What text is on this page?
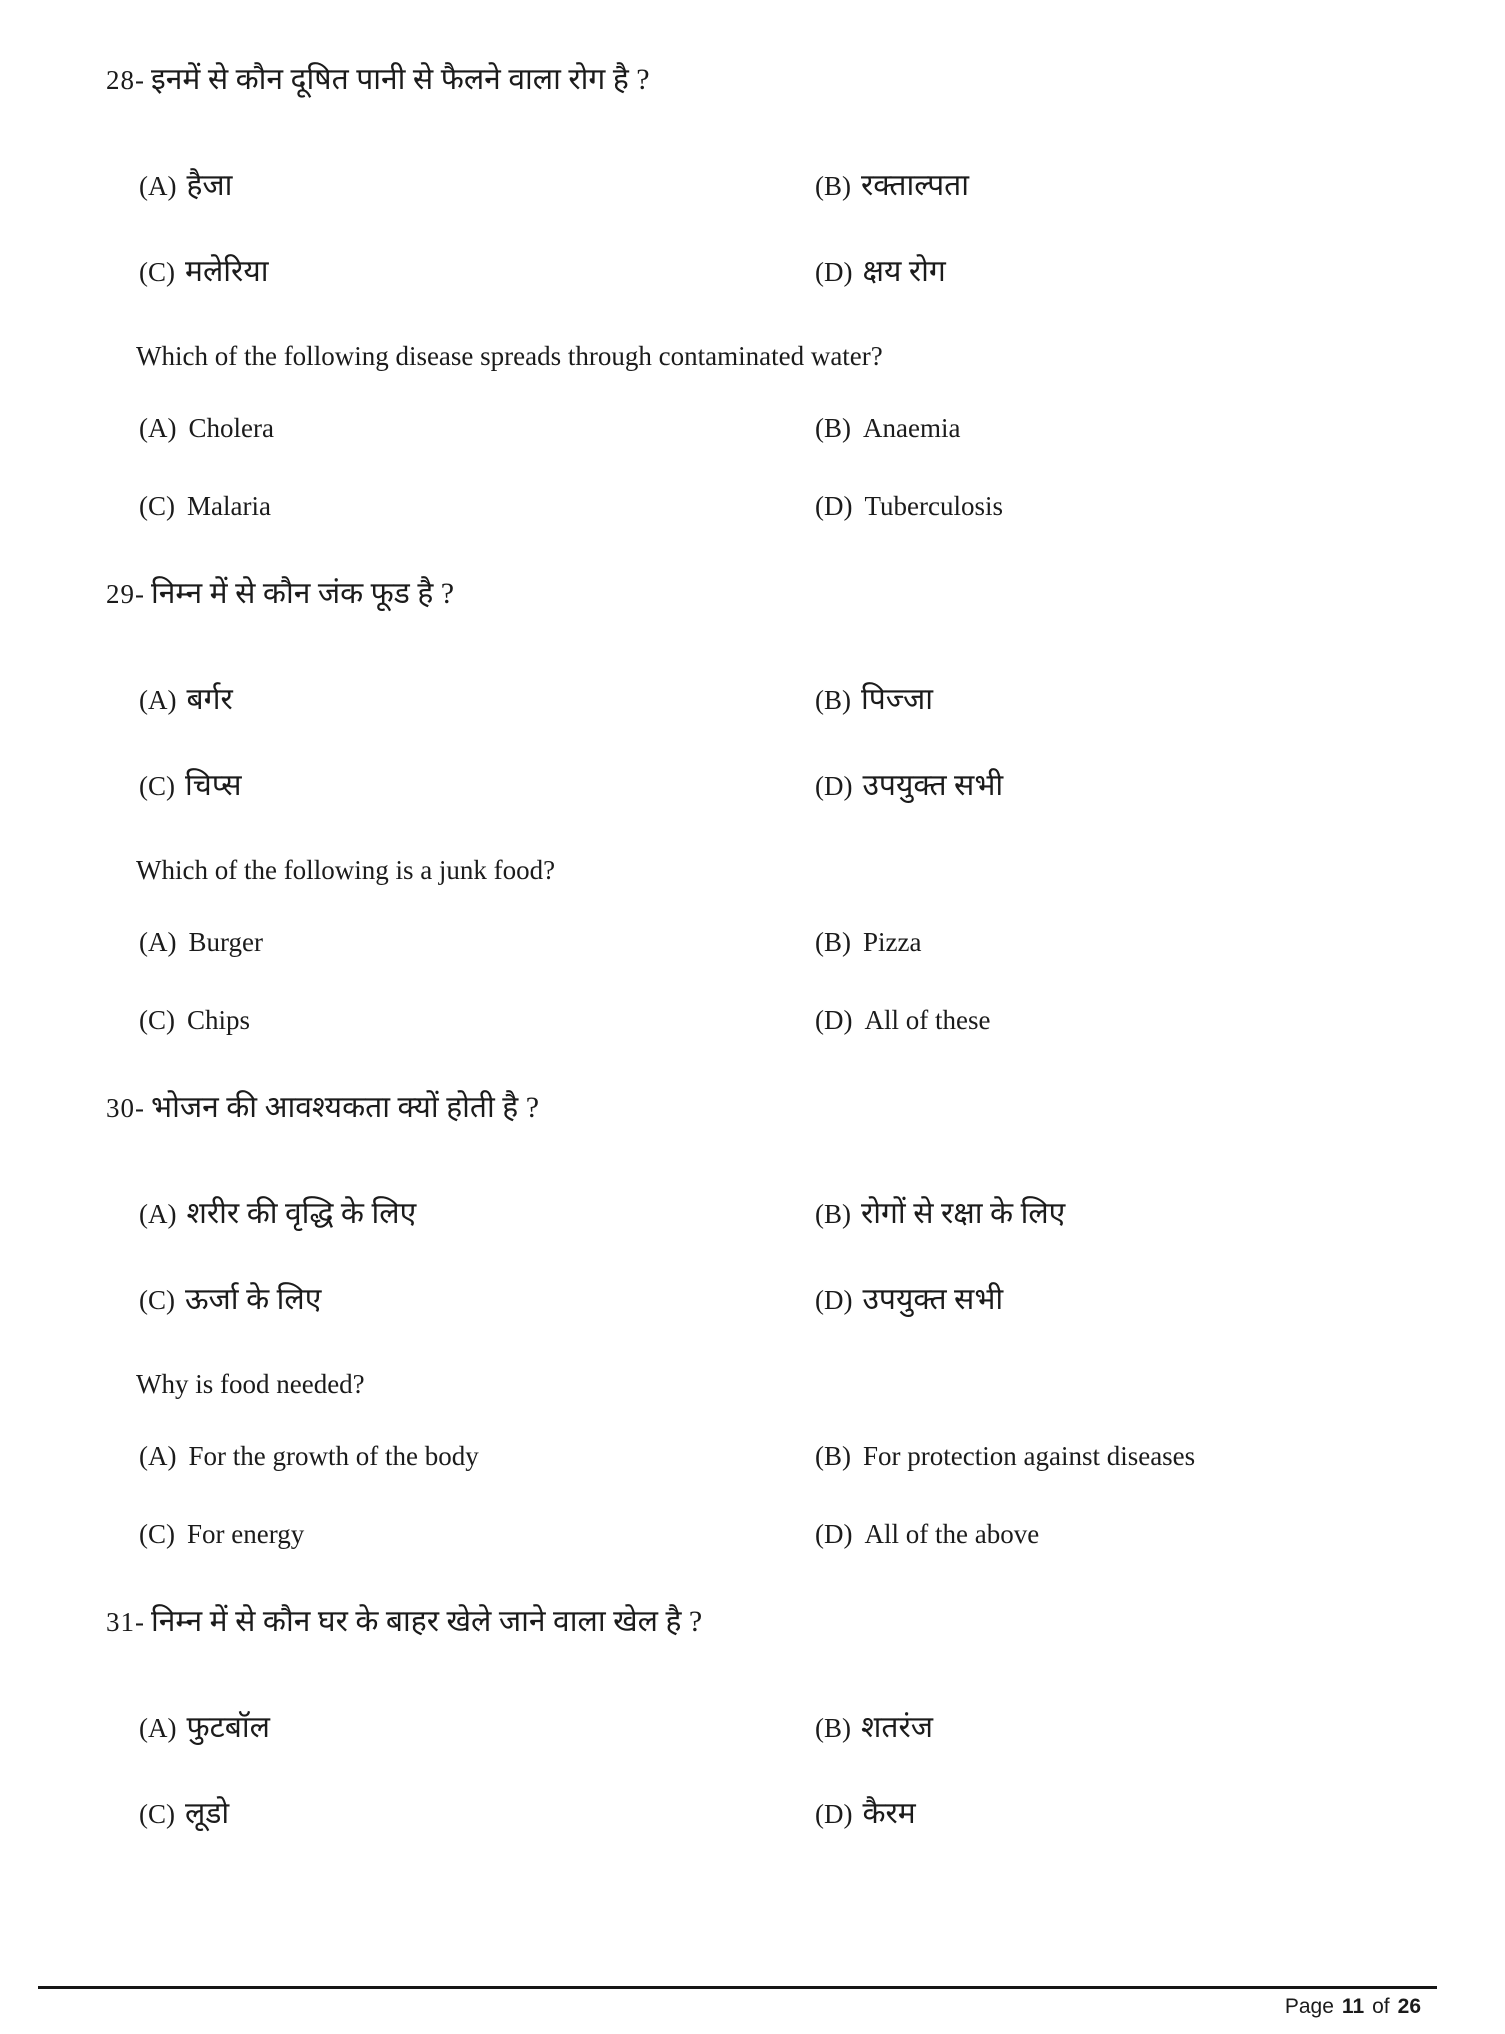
28- इनमें से कौन दूषित पानी से फैलने वाला रोग है ?
(A) हैजा	(B) रक्ताल्पता
(C) मलेरिया	(D) क्षय रोग
Which of the following disease spreads through contaminated water?
(A) Cholera	(B) Anaemia
(C) Malaria	(D) Tuberculosis
29- निम्न में से कौन जंक फूड है ?
(A) बर्गर	(B) पिज्जा
(C) चिप्स	(D) उपयुक्त सभी
Which of the following is a junk food?
(A) Burger	(B) Pizza
(C) Chips	(D) All of these
30- भोजन की आवश्यकता क्यों होती है ?
(A) शरीर की वृद्धि के लिए	(B) रोगों से रक्षा के लिए
(C) ऊर्जा के लिए	(D) उपयुक्त सभी
Why is food needed?
(A) For the growth of the body	(B) For protection against diseases
(C) For energy	(D) All of the above
31- निम्न में से कौन घर के बाहर खेले जाने वाला खेल है ?
(A) फुटबॉल	(B) शतरंज
(C) लूडो	(D) कैरम
Page 11 of 26
